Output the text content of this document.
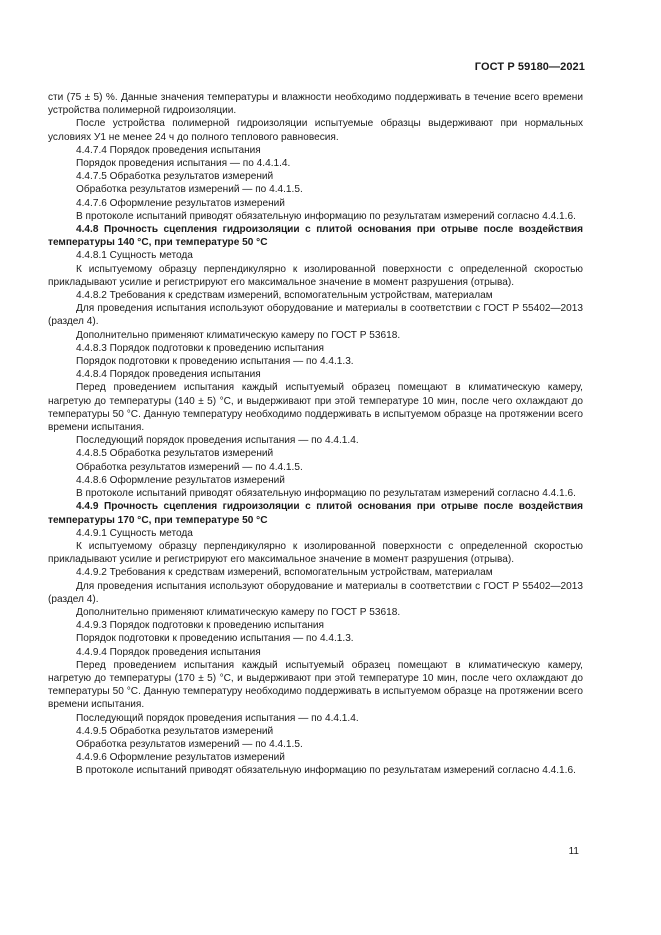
ГОСТ Р 59180—2021

сти (75 ± 5) %. Данные значения температуры и влажности необходимо поддерживать в течение всего времени устройства полимерной гидроизоляции.

После устройства полимерной гидроизоляции испытуемые образцы выдерживают при нормальных условиях У1 не менее 24 ч до полного теплового равновесия.

4.4.7.4 Порядок проведения испытания

Порядок проведения испытания — по 4.4.1.4.

4.4.7.5 Обработка результатов измерений

Обработка результатов измерений — по 4.4.1.5.

4.4.7.6 Оформление результатов измерений

В протоколе испытаний приводят обязательную информацию по результатам измерений согласно 4.4.1.6.

4.4.8 Прочность сцепления гидроизоляции с плитой основания при отрыве после воздействия температуры 140 °С, при температуре 50 °С

4.4.8.1 Сущность метода

К испытуемому образцу перпендикулярно к изолированной поверхности с определенной скоростью прикладывают усилие и регистрируют его максимальное значение в момент разрушения (отрыва).

4.4.8.2 Требования к средствам измерений, вспомогательным устройствам, материалам

Для проведения испытания используют оборудование и материалы в соответствии с ГОСТ Р 55402—2013 (раздел 4).

Дополнительно применяют климатическую камеру по ГОСТ Р 53618.

4.4.8.3 Порядок подготовки к проведению испытания

Порядок подготовки к проведению испытания — по 4.4.1.3.

4.4.8.4 Порядок проведения испытания

Перед проведением испытания каждый испытуемый образец помещают в климатическую камеру, нагретую до температуры (140 ± 5) °С, и выдерживают при этой температуре 10 мин, после чего охлаждают до температуры 50 °С. Данную температуру необходимо поддерживать в испытуемом образце на протяжении всего времени испытания.

Последующий порядок проведения испытания — по 4.4.1.4.

4.4.8.5 Обработка результатов измерений

Обработка результатов измерений — по 4.4.1.5.

4.4.8.6 Оформление результатов измерений

В протоколе испытаний приводят обязательную информацию по результатам измерений согласно 4.4.1.6.

4.4.9 Прочность сцепления гидроизоляции с плитой основания при отрыве после воздействия температуры 170 °С, при температуре 50 °С

4.4.9.1 Сущность метода

К испытуемому образцу перпендикулярно к изолированной поверхности с определенной скоростью прикладывают усилие и регистрируют его максимальное значение в момент разрушения (отрыва).

4.4.9.2 Требования к средствам измерений, вспомогательным устройствам, материалам

Для проведения испытания используют оборудование и материалы в соответствии с ГОСТ Р 55402—2013 (раздел 4).

Дополнительно применяют климатическую камеру по ГОСТ Р 53618.

4.4.9.3 Порядок подготовки к проведению испытания

Порядок подготовки к проведению испытания — по 4.4.1.3.

4.4.9.4 Порядок проведения испытания

Перед проведением испытания каждый испытуемый образец помещают в климатическую камеру, нагретую до температуры (170 ± 5) °С, и выдерживают при этой температуре 10 мин, после чего охлаждают до температуры 50 °С. Данную температуру необходимо поддерживать в испытуемом образце на протяжении всего времени испытания.

Последующий порядок проведения испытания — по 4.4.1.4.

4.4.9.5 Обработка результатов измерений

Обработка результатов измерений — по 4.4.1.5.

4.4.9.6 Оформление результатов измерений

В протоколе испытаний приводят обязательную информацию по результатам измерений согласно 4.4.1.6.

11
